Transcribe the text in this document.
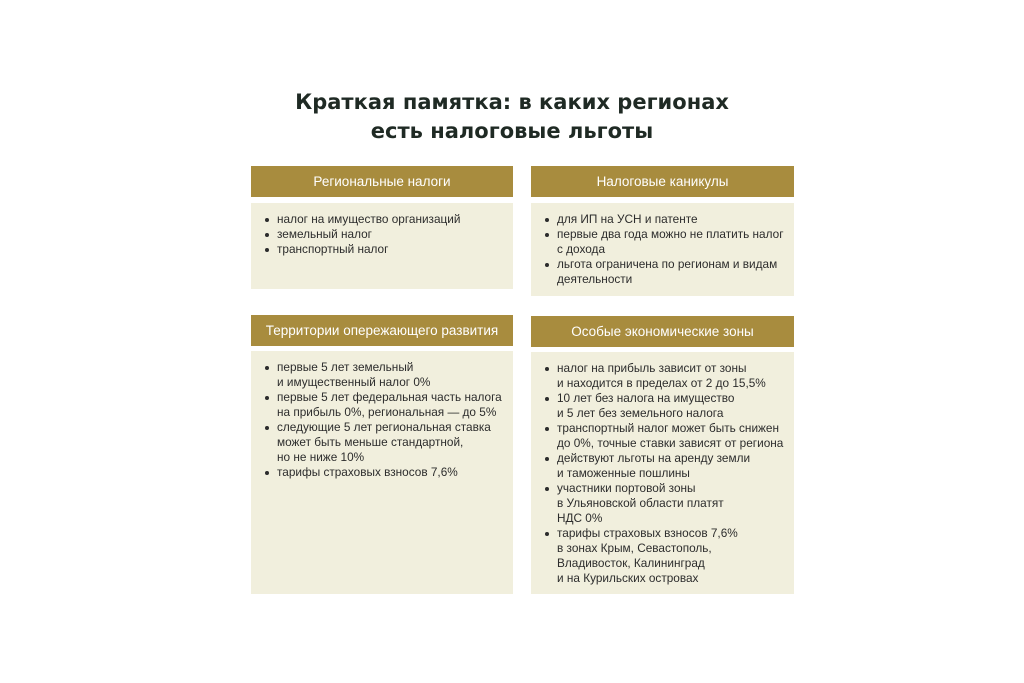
Краткая памятка: в каких регионах
есть налоговые льготы
Региональные налоги
налог на имущество организаций
земельный налог
транспортный налог
Налоговые каникулы
для ИП на УСН и патенте
первые два года можно не платить налог
с дохода
льгота ограничена по регионам и видам
деятельности
Территории опережающего развития
первые 5 лет земельный
и имущественный налог 0%
первые 5 лет федеральная часть налога
на прибыль 0%, региональная — до 5%
следующие 5 лет региональная ставка
может быть меньше стандартной,
но не ниже 10%
тарифы страховых взносов 7,6%
Особые экономические зоны
налог на прибыль зависит от зоны
и находится в пределах от 2 до 15,5%
10 лет без налога на имущество
и 5 лет без земельного налога
транспортный налог может быть снижен
до 0%, точные ставки зависят от региона
действуют льготы на аренду земли
и таможенные пошлины
участники портовой зоны
в Ульяновской области платят
НДС 0%
тарифы страховых взносов 7,6%
в зонах Крым, Севастополь,
Владивосток, Калининград
и на Курильских островах
